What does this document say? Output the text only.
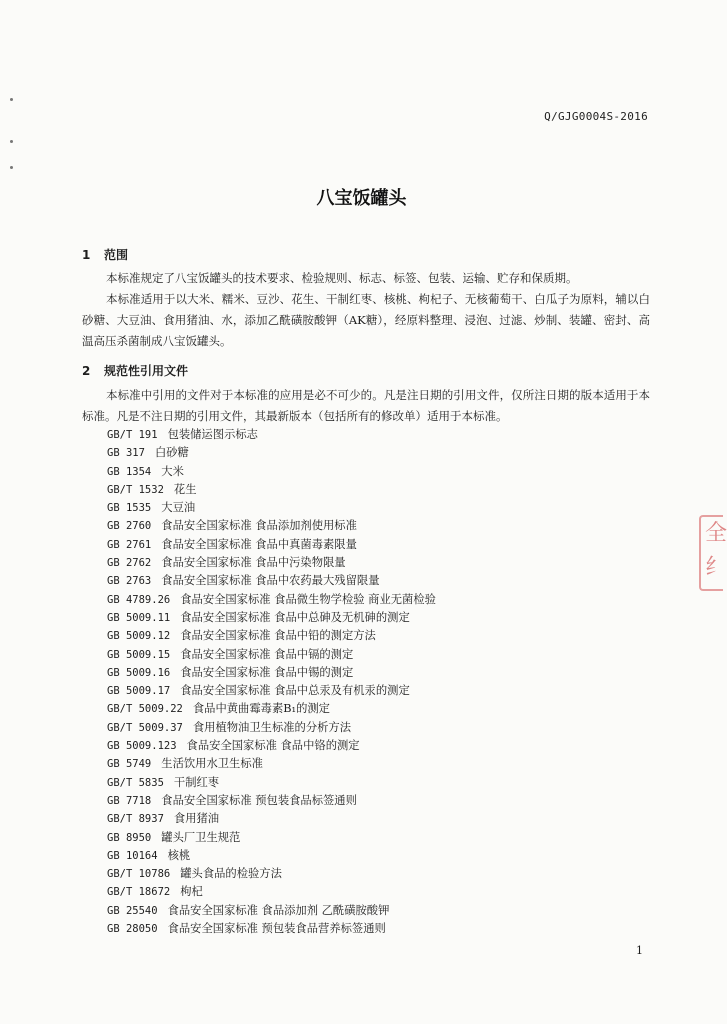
Q/GJG0004S-2016
八宝饭罐头
1 范围

本标准规定了八宝饭罐头的技术要求、检验规则、标志、标签、包装、运输、贮存和保质期。

本标准适用于以大米、糯米、豆沙、花生、干制红枣、核桃、枸杞子、无核葡萄干、白瓜子为原料，辅以白砂糖、大豆油、食用猪油、水，添加乙酰磺胺酸钾（AK糖），经原料整理、浸泡、过滤、炒制、装罐、密封、高温高压杀菌制成八宝饭罐头。

2 规范性引用文件

本标准中引用的文件对于本标准的应用是必不可少的。凡是注日期的引用文件，仅所注日期的版本适用于本标准。凡是不注日期的引用文件，其最新版本（包括所有的修改单）适用于本标准。

GB/T 191 包装储运图示标志
GB 317 白砂糖
GB 1354 大米
GB/T 1532 花生
GB 1535 大豆油
GB 2760 食品安全国家标准 食品添加剂使用标准
GB 2761 食品安全国家标准 食品中真菌毒素限量
GB 2762 食品安全国家标准 食品中污染物限量
GB 2763 食品安全国家标准 食品中农药最大残留限量
GB 4789.26 食品安全国家标准 食品微生物学检验 商业无菌检验
GB 5009.11 食品安全国家标准 食品中总砷及无机砷的测定
GB 5009.12 食品安全国家标准 食品中铅的测定方法
GB 5009.15 食品安全国家标准 食品中镉的测定
GB 5009.16 食品安全国家标准 食品中锡的测定
GB 5009.17 食品安全国家标准 食品中总汞及有机汞的测定
GB/T 5009.22 食品中黄曲霉毒素B₁的测定
GB/T 5009.37 食用植物油卫生标准的分析方法
GB 5009.123 食品安全国家标准 食品中铬的测定
GB 5749 生活饮用水卫生标准
GB/T 5835 干制红枣
GB 7718 食品安全国家标准 预包装食品标签通则
GB/T 8937 食用猪油
GB 8950 罐头厂卫生规范
GB 10164 核桃
GB/T 10786 罐头食品的检验方法
GB/T 18672 枸杞
GB 25540 食品安全国家标准 食品添加剂 乙酰磺胺酸钾
GB 28050 食品安全国家标准 预包装食品营养标签通则
1
全 纟
